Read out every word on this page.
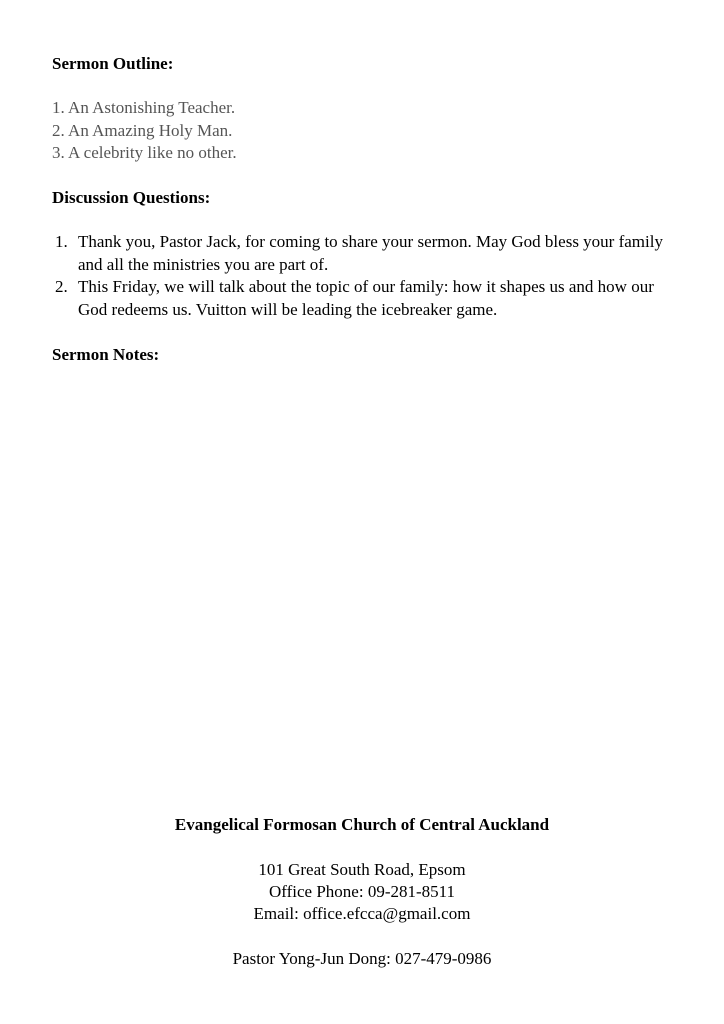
Sermon Outline:
1. An Astonishing Teacher.
2. An Amazing Holy Man.
3. A celebrity like no other.
Discussion Questions:
1. Thank you, Pastor Jack, for coming to share your sermon. May God bless your family and all the ministries you are part of.
2. This Friday, we will talk about the topic of our family: how it shapes us and how our God redeems us. Vuitton will be leading the icebreaker game.
Sermon Notes:
Evangelical Formosan Church of Central Auckland
101 Great South Road, Epsom
Office Phone: 09-281-8511
Email: office.efcca@gmail.com
Pastor Yong-Jun Dong: 027-479-0986
